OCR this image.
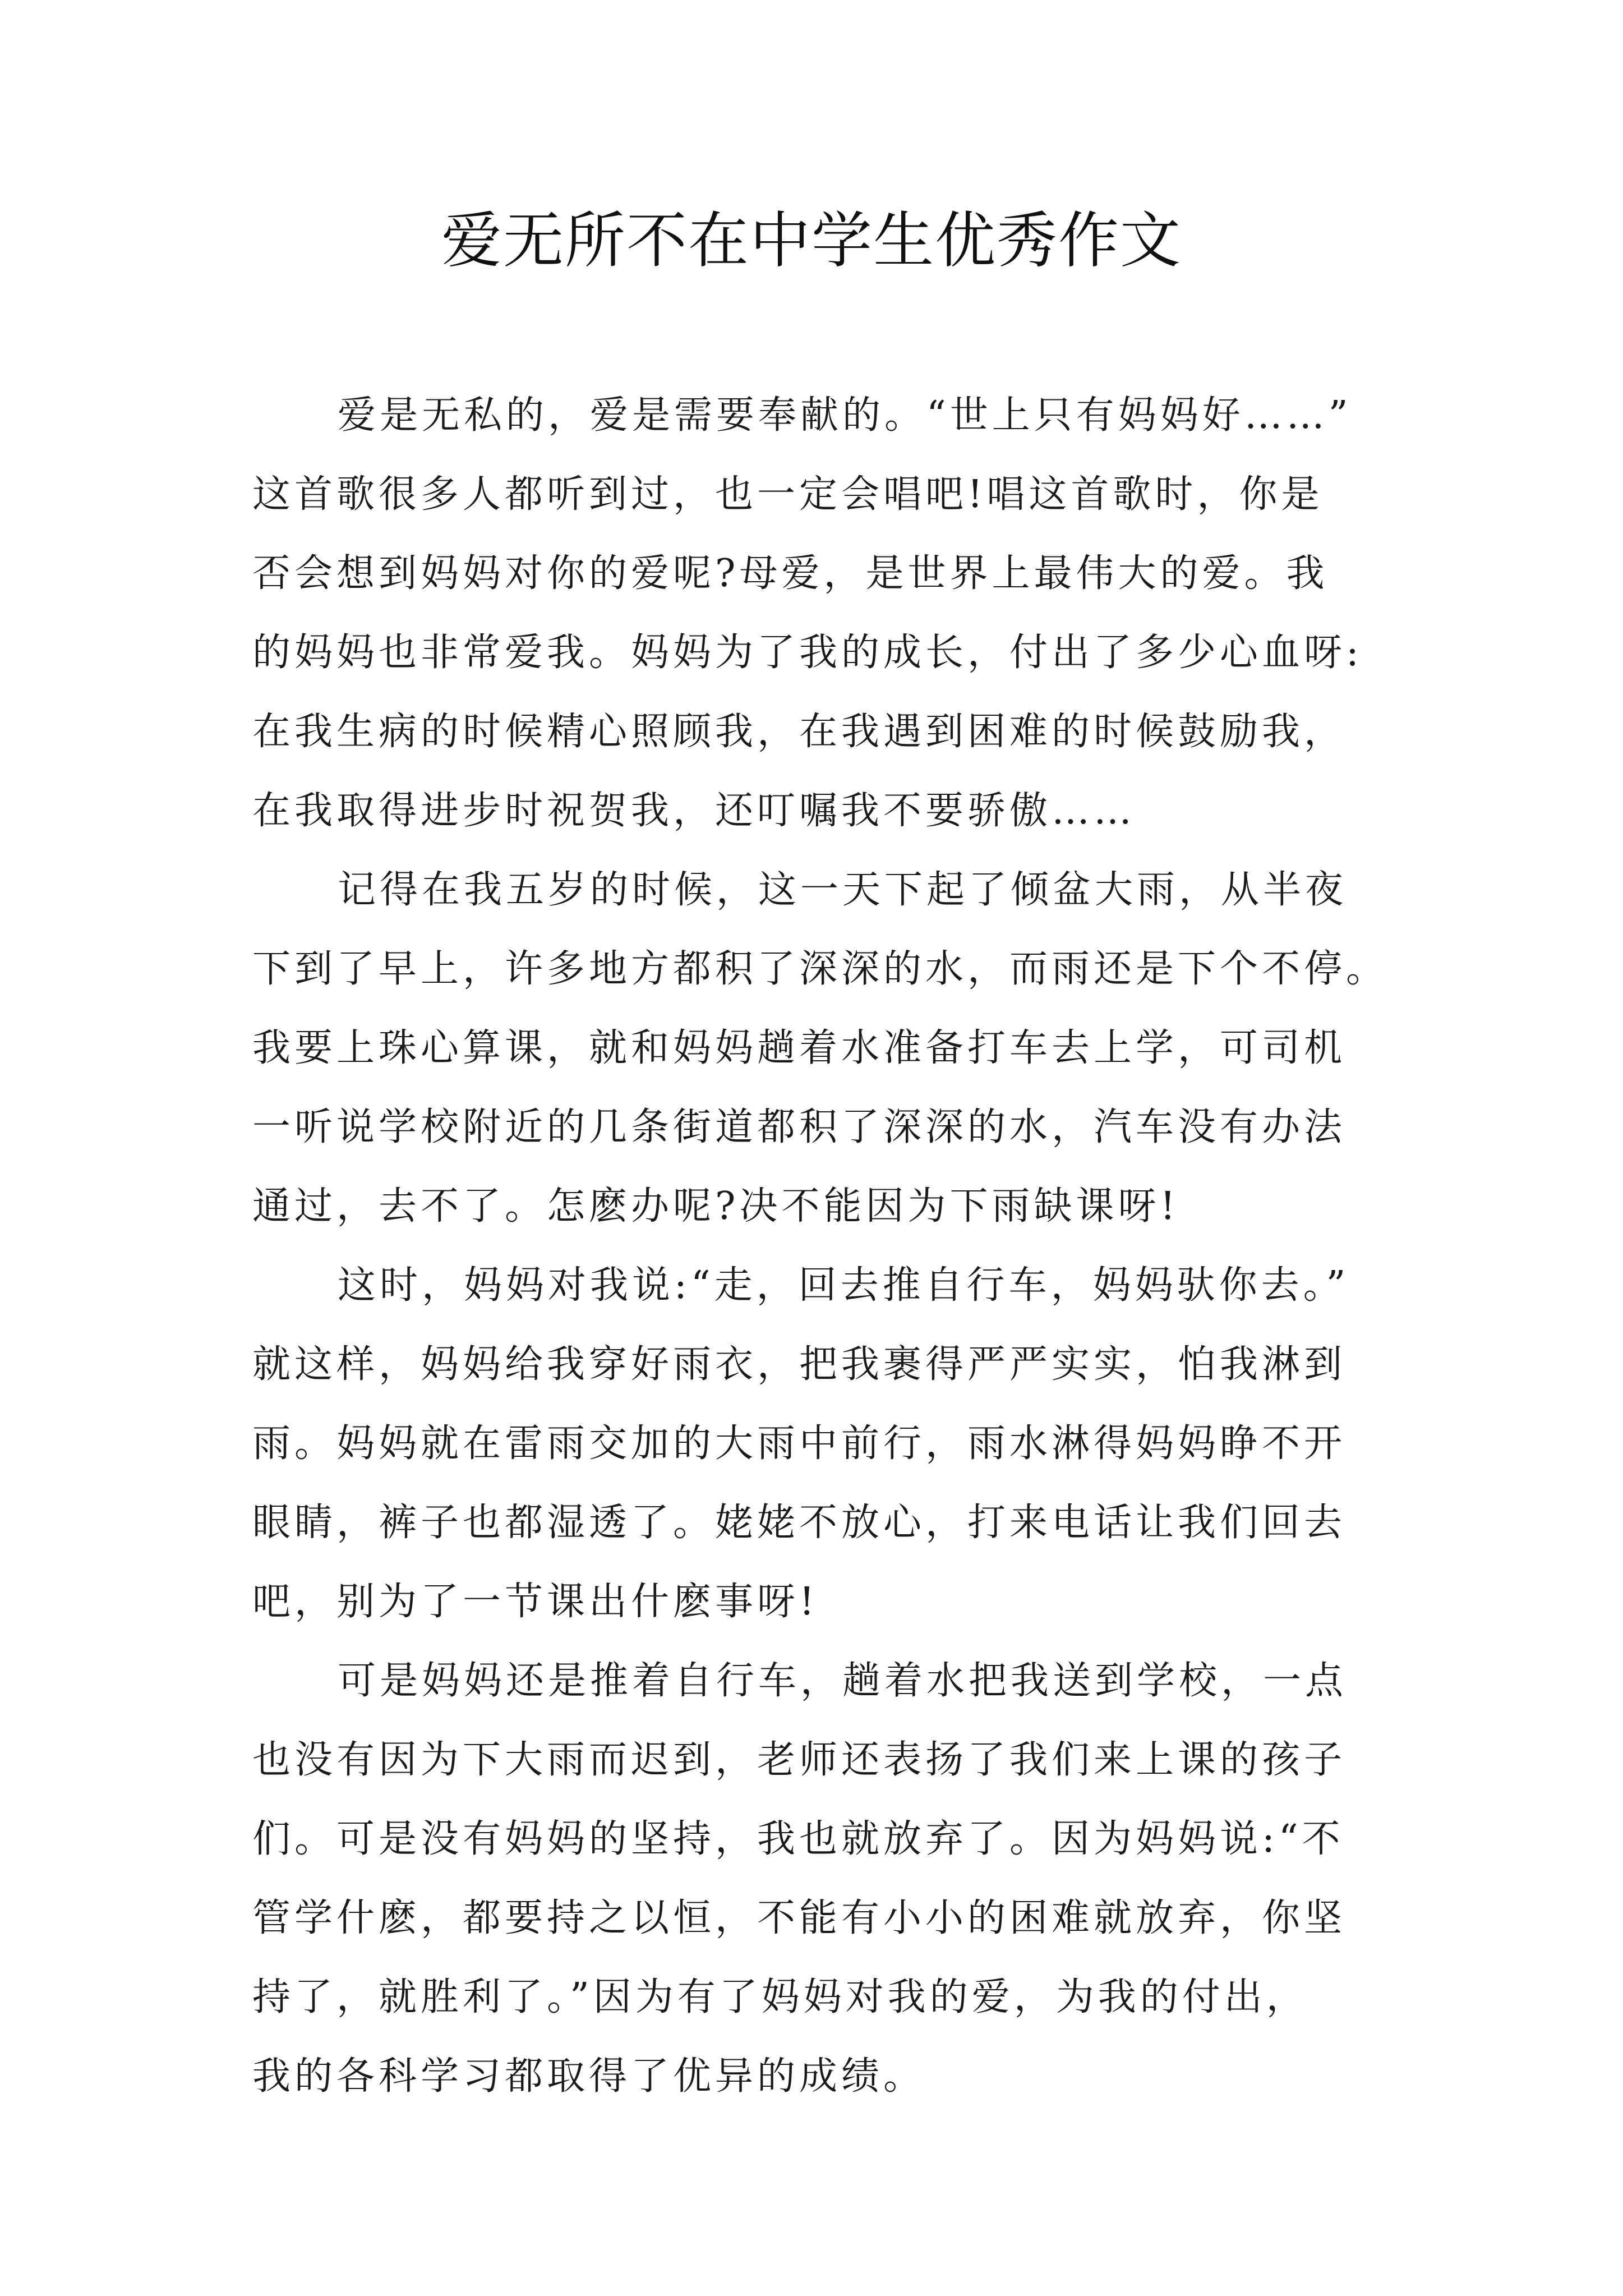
爱无所不在中学生优秀作文
爱是无私的，爱是需要奉献的。“世上只有妈妈好……”
这首歌很多人都听到过，也一定会唱吧!唱这首歌时，你是
否会想到妈妈对你的爱呢?母爱，是世界上最伟大的爱。我
的妈妈也非常爱我。妈妈为了我的成长，付出了多少心血呀:
在我生病的时候精心照顾我，在我遇到困难的时候鼓励我，
在我取得进步时祝贺我，还叮嘱我不要骄傲……
记得在我五岁的时候，这一天下起了倾盆大雨，从半夜
下到了早上，许多地方都积了深深的水，而雨还是下个不停。
我要上珠心算课，就和妈妈趟着水准备打车去上学，可司机
一听说学校附近的几条街道都积了深深的水，汽车没有办法
通过，去不了。怎麽办呢?决不能因为下雨缺课呀!
这时，妈妈对我说:“走，回去推自行车，妈妈驮你去。”
就这样，妈妈给我穿好雨衣，把我裹得严严实实，怕我淋到
雨。妈妈就在雷雨交加的大雨中前行，雨水淋得妈妈睁不开
眼睛，裤子也都湿透了。姥姥不放心，打来电话让我们回去
吧，别为了一节课出什麽事呀!
可是妈妈还是推着自行车，趟着水把我送到学校，一点
也没有因为下大雨而迟到，老师还表扬了我们来上课的孩子
们。可是没有妈妈的坚持，我也就放弃了。因为妈妈说:“不
管学什麽，都要持之以恒，不能有小小的困难就放弃，你坚
持了，就胜利了。”因为有了妈妈对我的爱，为我的付出，
我的各科学习都取得了优异的成绩。
